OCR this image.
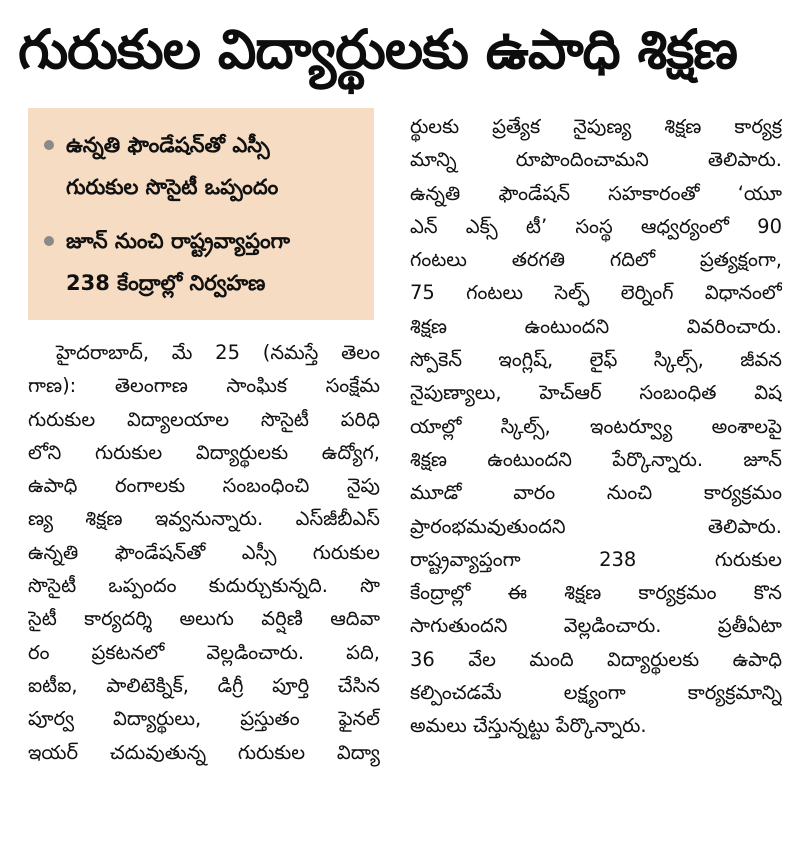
గురుకుల విద్యార్థులకు ఉపాధి శిక్షణ
ఉన్నతి ఫౌండేషన్‌తో ఎస్సీ
గురుకుల సొసైటీ ఒప్పందం
జూన్ నుంచి రాష్ట్రవ్యాప్తంగా
238 కేంద్రాల్లో నిర్వహణ
హైదరాబాద్, మే 25 (నమస్తే తెలం
గాణ): తెలంగాణ సాంఘిక సంక్షేమ
గురుకుల విద్యాలయాల సొసైటీ పరిధి
లోని గురుకుల విద్యార్థులకు ఉద్యోగ,
ఉపాధి రంగాలకు సంబంధించి నైపు
ణ్య శిక్షణ ఇవ్వనున్నారు. ఎస్‌జీబీఎస్
ఉన్నతి ఫౌండేషన్‌తో ఎస్సీ గురుకుల
సొసైటీ ఒప్పందం కుదుర్చుకున్నది. సొ
సైటీ కార్యదర్శి అలుగు వర్షిణి ఆదివా
రం ప్రకటనలో వెల్లడించారు. పది,
ఐటీఐ, పాలిటెక్నిక్, డిగ్రీ పూర్తి చేసిన
పూర్వ విద్యార్థులు, ప్రస్తుతం ఫైనల్
ఇయర్ చదువుతున్న గురుకుల విద్యా
ర్థులకు ప్రత్యేక నైపుణ్య శిక్షణ కార్యక్ర
మాన్ని రూపొందించామని తెలిపారు.
ఉన్నతి ఫౌండేషన్ సహకారంతో ‘యూ
ఎన్ ఎక్స్ టీ’ సంస్థ ఆధ్వర్యంలో 90
గంటలు తరగతి గదిలో ప్రత్యక్షంగా,
75 గంటలు సెల్ఫ్ లెర్నింగ్ విధానంలో
శిక్షణ ఉంటుందని వివరించారు.
స్పోకెన్ ఇంగ్లిష్, లైఫ్ స్కిల్స్, జీవన
నైపుణ్యాలు, హెచ్ఆర్ సంబంధిత విష
యాల్లో స్కిల్స్, ఇంటర్వ్యూ అంశాలపై
శిక్షణ ఉంటుందని పేర్కొన్నారు. జూన్
మూడో వారం నుంచి కార్యక్రమం
ప్రారంభమవుతుందని తెలిపారు.
రాష్ట్రవ్యాప్తంగా 238 గురుకుల
కేంద్రాల్లో ఈ శిక్షణ కార్యక్రమం కొన
సాగుతుందని వెల్లడించారు. ప్రతీఏటా
36 వేల మంది విద్యార్థులకు ఉపాధి
కల్పించడమే లక్ష్యంగా కార్యక్రమాన్ని
అమలు చేస్తున్నట్టు పేర్కొన్నారు.
